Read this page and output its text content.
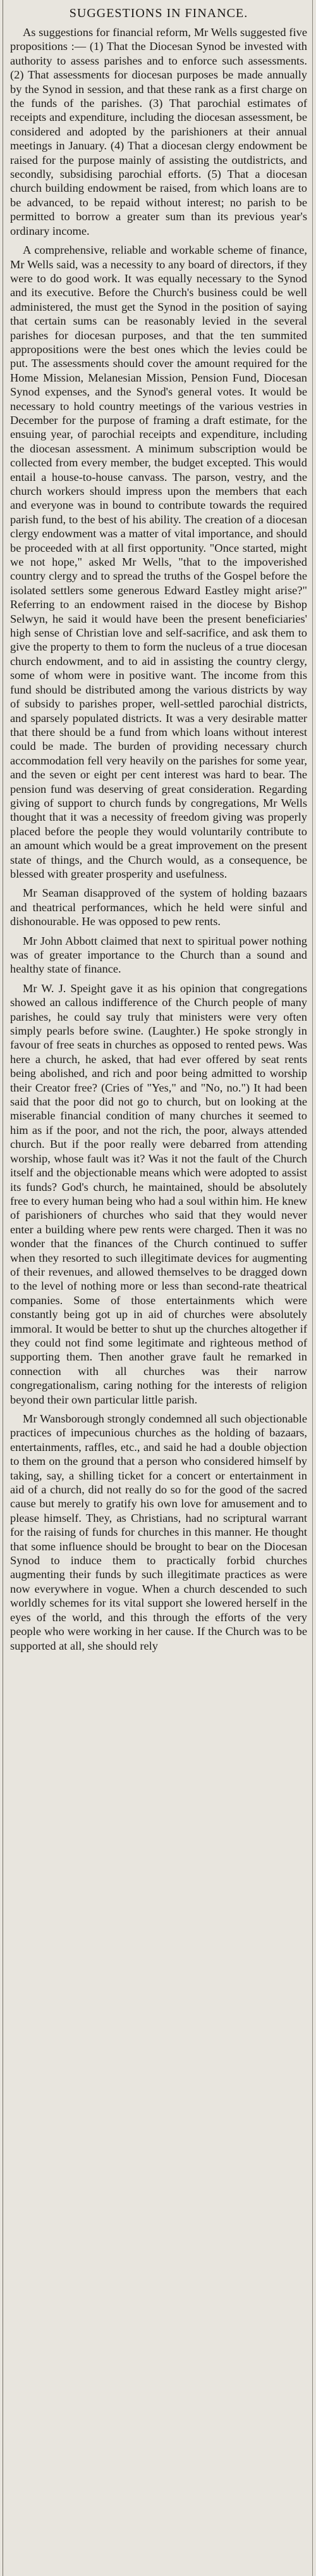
SUGGESTIONS IN FINANCE.

As suggestions for financial reform, Mr Wells suggested five propositions :— (1) That the Diocesan Synod be invested with authority to assess parishes and to enforce such assessments. (2) That assessments for diocesan purposes be made annually by the Synod in session, and that these rank as a first charge on the funds of the parishes. (3) That parochial estimates of receipts and expenditure, including the diocesan assessment, be considered and adopted by the parishioners at their annual meetings in January. (4) That a diocesan clergy endowment be raised for the purpose mainly of assisting the outdistricts, and secondly, subsidising parochial efforts. (5) That a diocesan church building endowment be raised, from which loans are to be advanced, to be repaid without interest; no parish to be permitted to borrow a greater sum than its previous year's ordinary income.

A comprehensive, reliable and workable scheme of finance, Mr Wells said, was a necessity to any board of directors, if they were to do good work. It was equally necessary to the Synod and its executive. Before the Church's business could be well administered, the must get the Synod in the position of saying that certain sums can be reasonably levied in the several parishes for diocesan purposes, and that the ten summited appropositions were the best ones which the levies could be put. The assessments should cover the amount required for the Home Mission, Melanesian Mission, Pension Fund, Diocesan Synod expenses, and the Synod's general votes. It would be necessary to hold country meetings of the various vestries in December for the purpose of framing a draft estimate, for the ensuing year, of parochial receipts and expenditure, including the diocesan assessment. A minimum subscription would be collected from every member, the budget excepted. This would entail a house-to-house canvass. The parson, vestry, and the church workers should impress upon the members that each and everyone was in bound to contribute towards the required parish fund, to the best of his ability. The creation of a diocesan clergy endowment was a matter of vital importance, and should be proceeded with at all first opportunity. "Once started, might we not hope," asked Mr Wells, "that to the impoverished country clergy and to spread the truths of the Gospel before the isolated settlers some generous Edward Eastley might arise?" Referring to an endowment raised in the diocese by Bishop Selwyn, he said it would have been the present beneficiaries' high sense of Christian love and self-sacrifice, and ask them to give the property to them to form the nucleus of a true diocesan church endowment, and to aid in assisting the country clergy, some of whom were in positive want. The income from this fund should be distributed among the various districts by way of subsidy to parishes proper, well-settled parochial districts, and sparsely populated districts. It was a very desirable matter that there should be a fund from which loans without interest could be made. The burden of providing necessary church accommodation fell very heavily on the parishes for some year, and the seven or eight per cent interest was hard to bear. The pension fund was deserving of great consideration. Regarding giving of support to church funds by congregations, Mr Wells thought that it was a necessity of freedom giving was properly placed before the people they would voluntarily contribute to an amount which would be a great improvement on the present state of things, and the Church would, as a consequence, be blessed with greater prosperity and usefulness.

Mr Seaman disapproved of the system of holding bazaars and theatrical performances, which he held were sinful and dishonourable. He was opposed to pew rents.

Mr John Abbott claimed that next to spiritual power nothing was of greater importance to the Church than a sound and healthy state of finance.

Mr W. J. Speight gave it as his opinion that congregations showed an callous indifference of the Church people of many parishes, he could say truly that ministers were very often simply pearls before swine. (Laughter.) He spoke strongly in favour of free seats in churches as opposed to rented pews. Was here a church, he asked, that had ever offered by seat rents being abolished, and rich and poor being admitted to worship their Creator free? (Cries of "Yes," and "No, no.") It had been said that the poor did not go to church, but on looking at the miserable financial condition of many churches it seemed to him as if the poor, and not the rich, the poor, always attended church. But if the poor really were debarred from attending worship, whose fault was it? Was it not the fault of the Church itself and the objectionable means which were adopted to assist its funds? God's church, he maintained, should be absolutely free to every human being who had a soul within him. He knew of parishioners of churches who said that they would never enter a building where pew rents were charged. Then it was no wonder that the finances of the Church continued to suffer when they resorted to such illegitimate devices for augmenting of their revenues, and allowed themselves to be dragged down to the level of nothing more or less than second-rate theatrical companies. Some of those entertainments which were constantly being got up in aid of churches were absolutely immoral. It would be better to shut up the churches altogether if they could not find some legitimate and righteous method of supporting them. Then another grave fault he remarked in connection with all churches was their narrow congregationalism, caring nothing for the interests of religion beyond their own particular little parish.

Mr Wansborough strongly condemned all such objectionable practices of impecunious churches as the holding of bazaars, entertainments, raffles, etc., and said he had a double objection to them on the ground that a person who considered himself by taking, say, a shilling ticket for a concert or entertainment in aid of a church, did not really do so for the good of the sacred cause but merely to gratify his own love for amusement and to please himself. They, as Christians, had no scriptural warrant for the raising of funds for churches in this manner. He thought that some influence should be brought to bear on the Diocesan Synod to induce them to practically forbid churches augmenting their funds by such illegitimate practices as were now everywhere in vogue. When a church descended to such worldly schemes for its vital support she lowered herself in the eyes of the world, and this through the efforts of the very people who were working in her cause. If the Church was to be supported at all, she should rely
